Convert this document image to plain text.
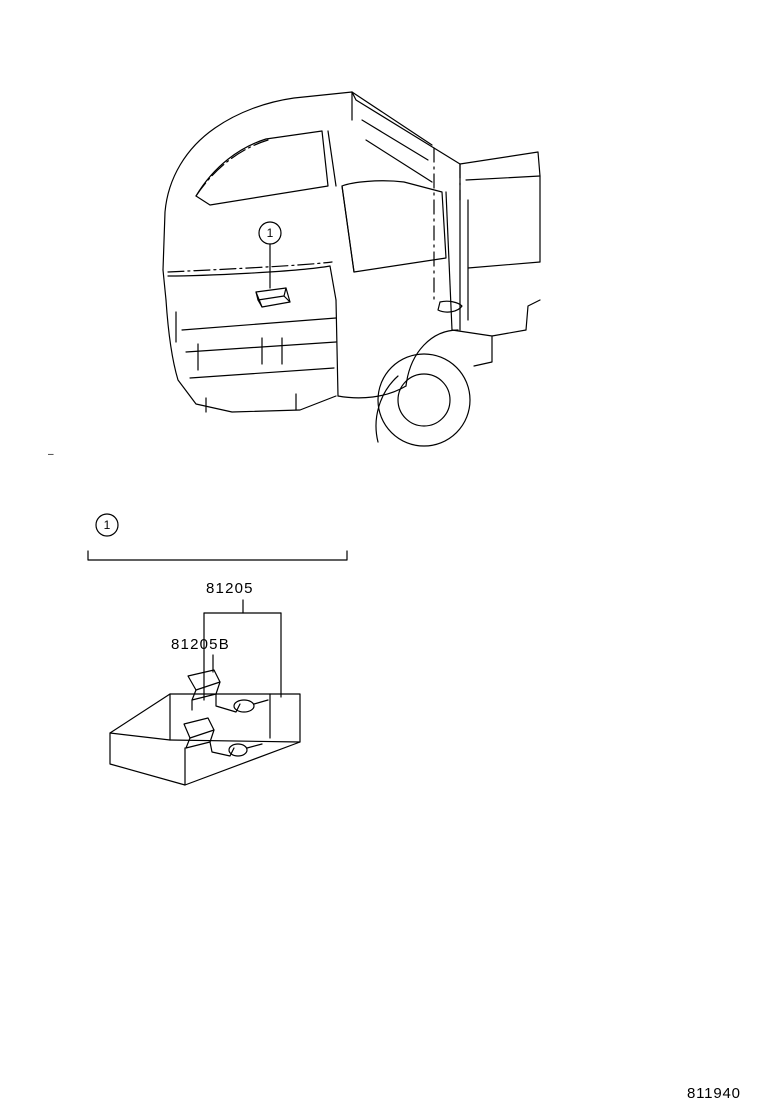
1
1
81205
81205B
–
811940
